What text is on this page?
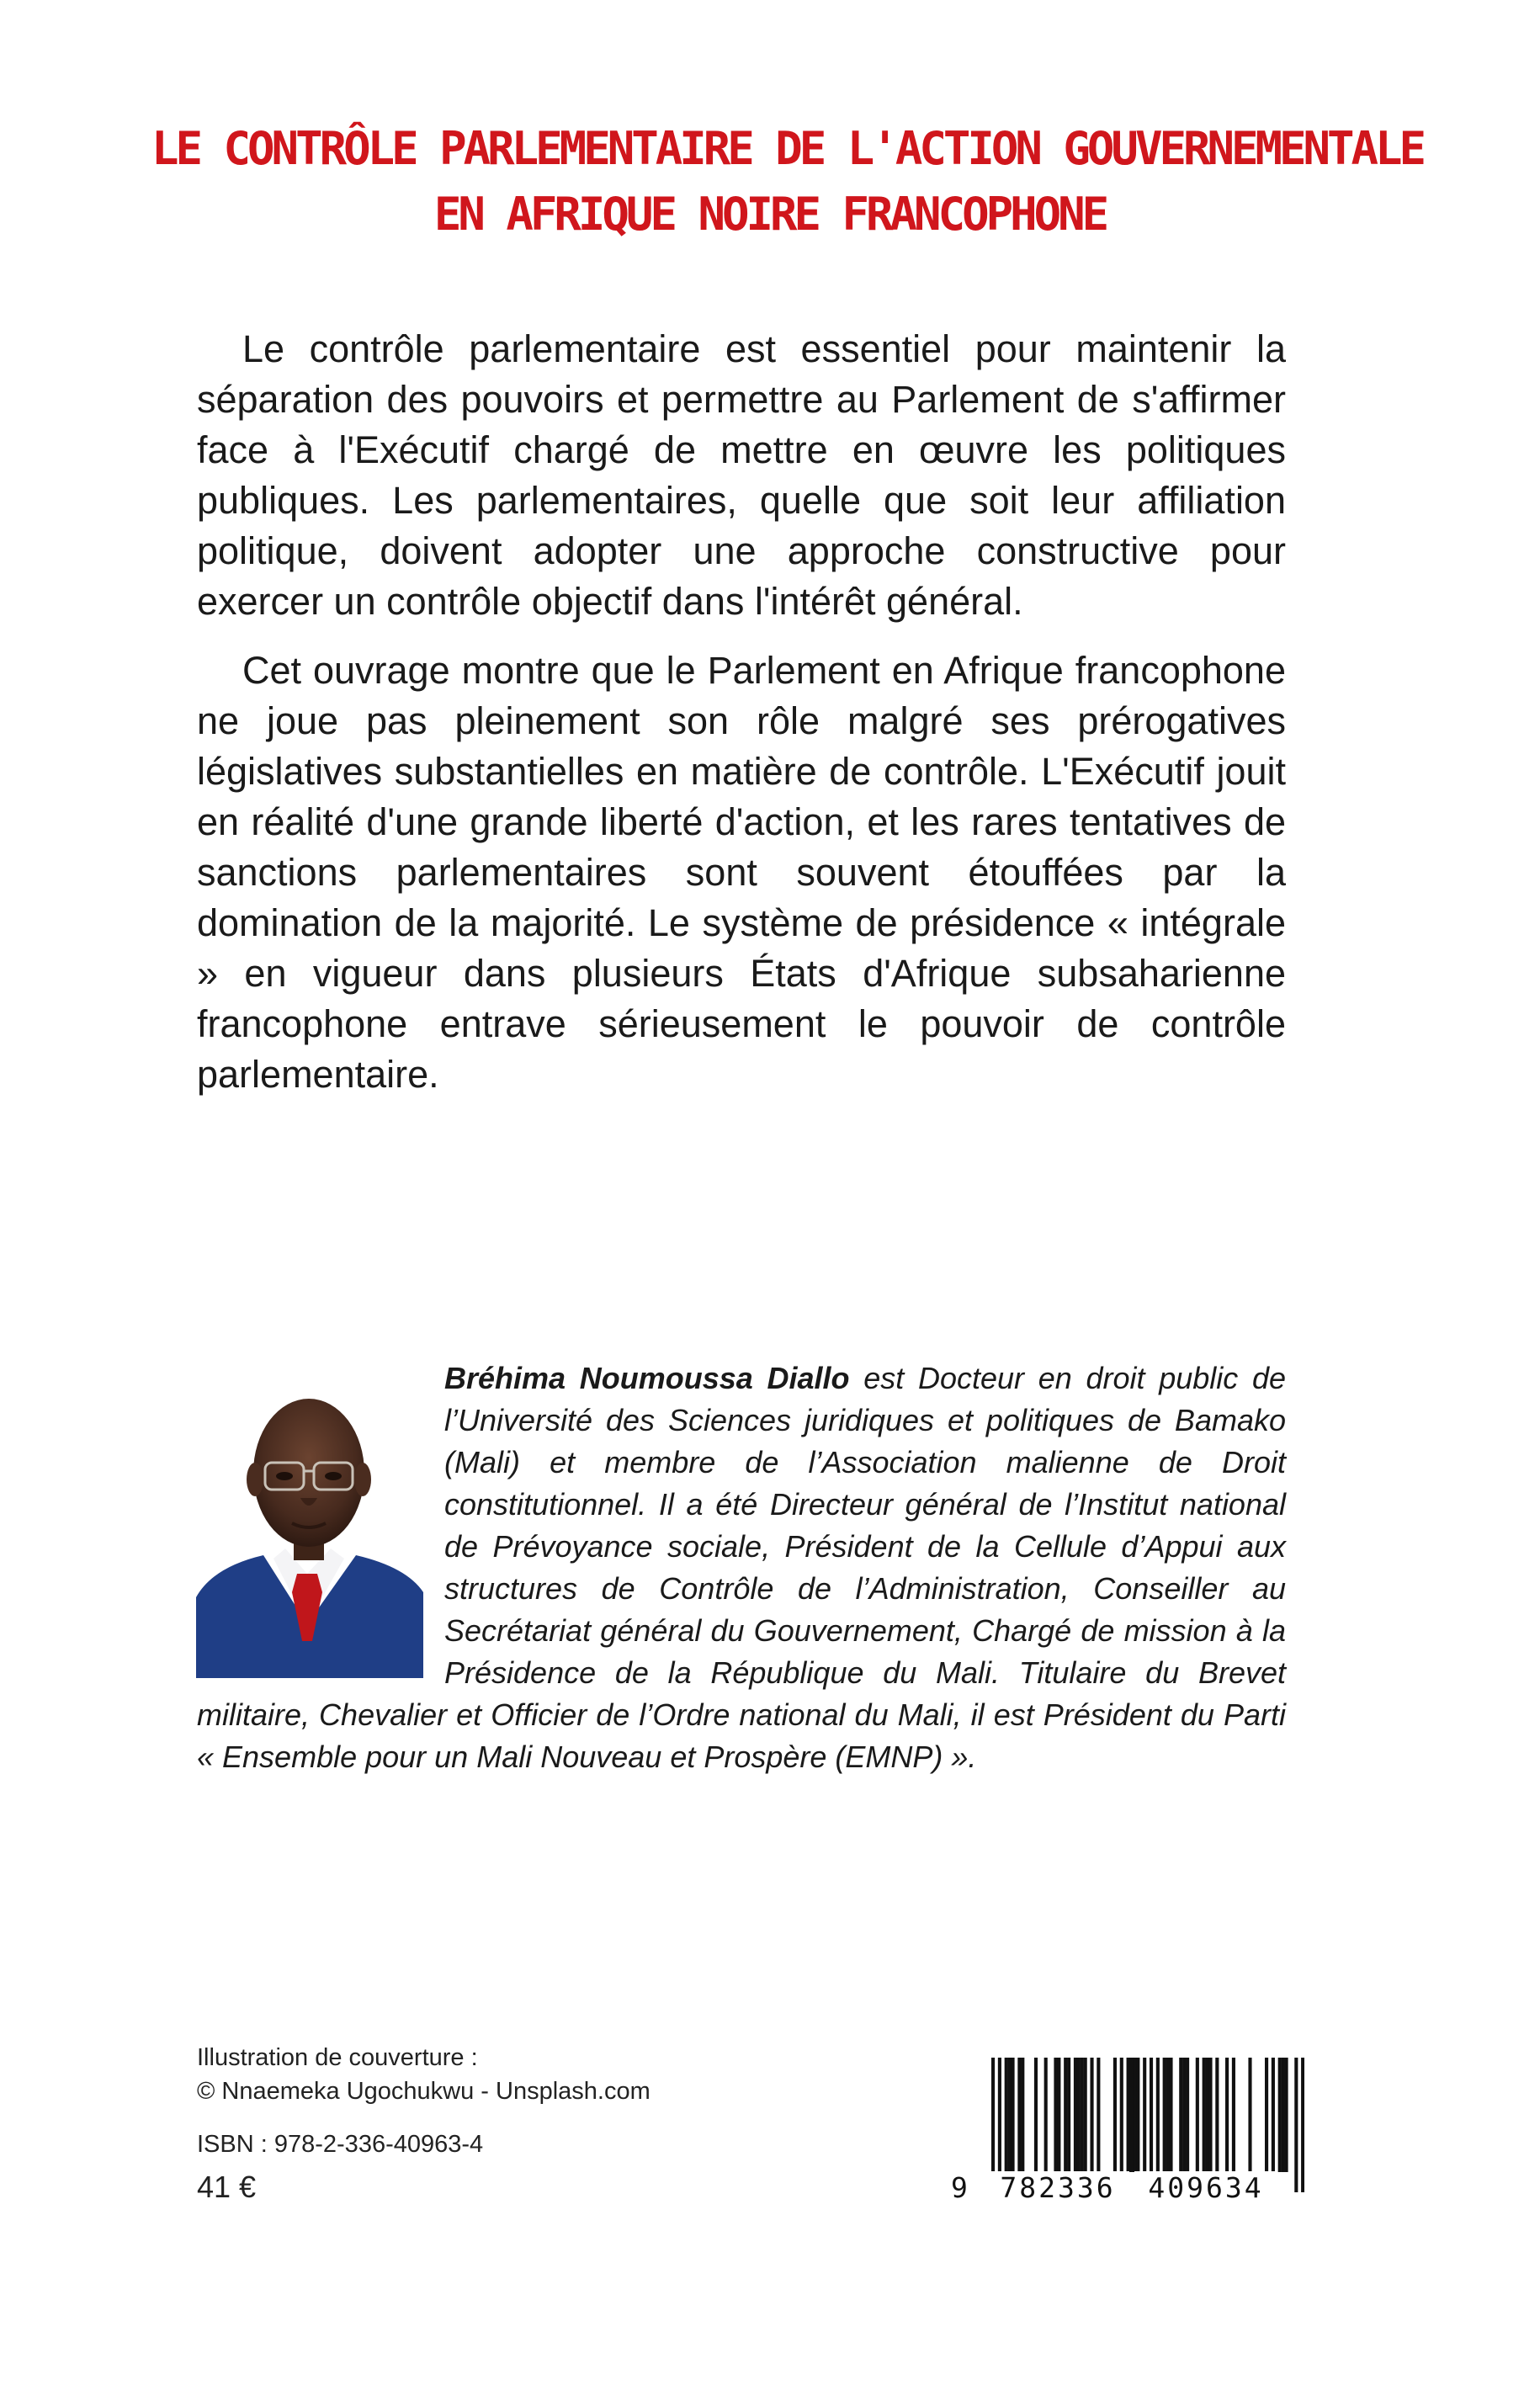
LE CONTRÔLE PARLEMENTAIRE DE L'ACTION GOUVERNEMENTALE
EN AFRIQUE NOIRE FRANCOPHONE

Le contrôle parlementaire est essentiel pour maintenir la séparation des pouvoirs et permettre au Parlement de s'affirmer face à l'Exécutif chargé de mettre en œuvre les politiques publiques. Les parlementaires, quelle que soit leur affiliation politique, doivent adopter une approche constructive pour exercer un contrôle objectif dans l'intérêt général.

Cet ouvrage montre que le Parlement en Afrique francophone ne joue pas pleinement son rôle malgré ses prérogatives législatives substantielles en matière de contrôle. L'Exécutif jouit en réalité d'une grande liberté d'action, et les rares tentatives de sanctions parlementaires sont souvent étouffées par la domination de la majorité. Le système de présidence « intégrale » en vigueur dans plusieurs États d'Afrique subsaharienne francophone entrave sérieusement le pouvoir de contrôle parlementaire.

Bréhima Noumoussa Diallo est Docteur en droit public de l’Université des Sciences juridiques et politiques de Bamako (Mali) et membre de l’Association malienne de Droit constitutionnel. Il a été Directeur général de l’Institut national de Prévoyance sociale, Président de la Cellule d’Appui aux structures de Contrôle de l’Administration, Conseiller au Secrétariat général du Gouvernement, Chargé de mission à la Présidence de la République du Mali. Titulaire du Brevet militaire, Chevalier et Officier de l’Ordre national du Mali, il est Président du Parti « Ensemble pour un Mali Nouveau et Prospère (EMNP) ».
Illustration de couverture :
© Nnaemeka Ugochukwu - Unsplash.com
ISBN : 978-2-336-40963-4
41 €	9	782336	409634
